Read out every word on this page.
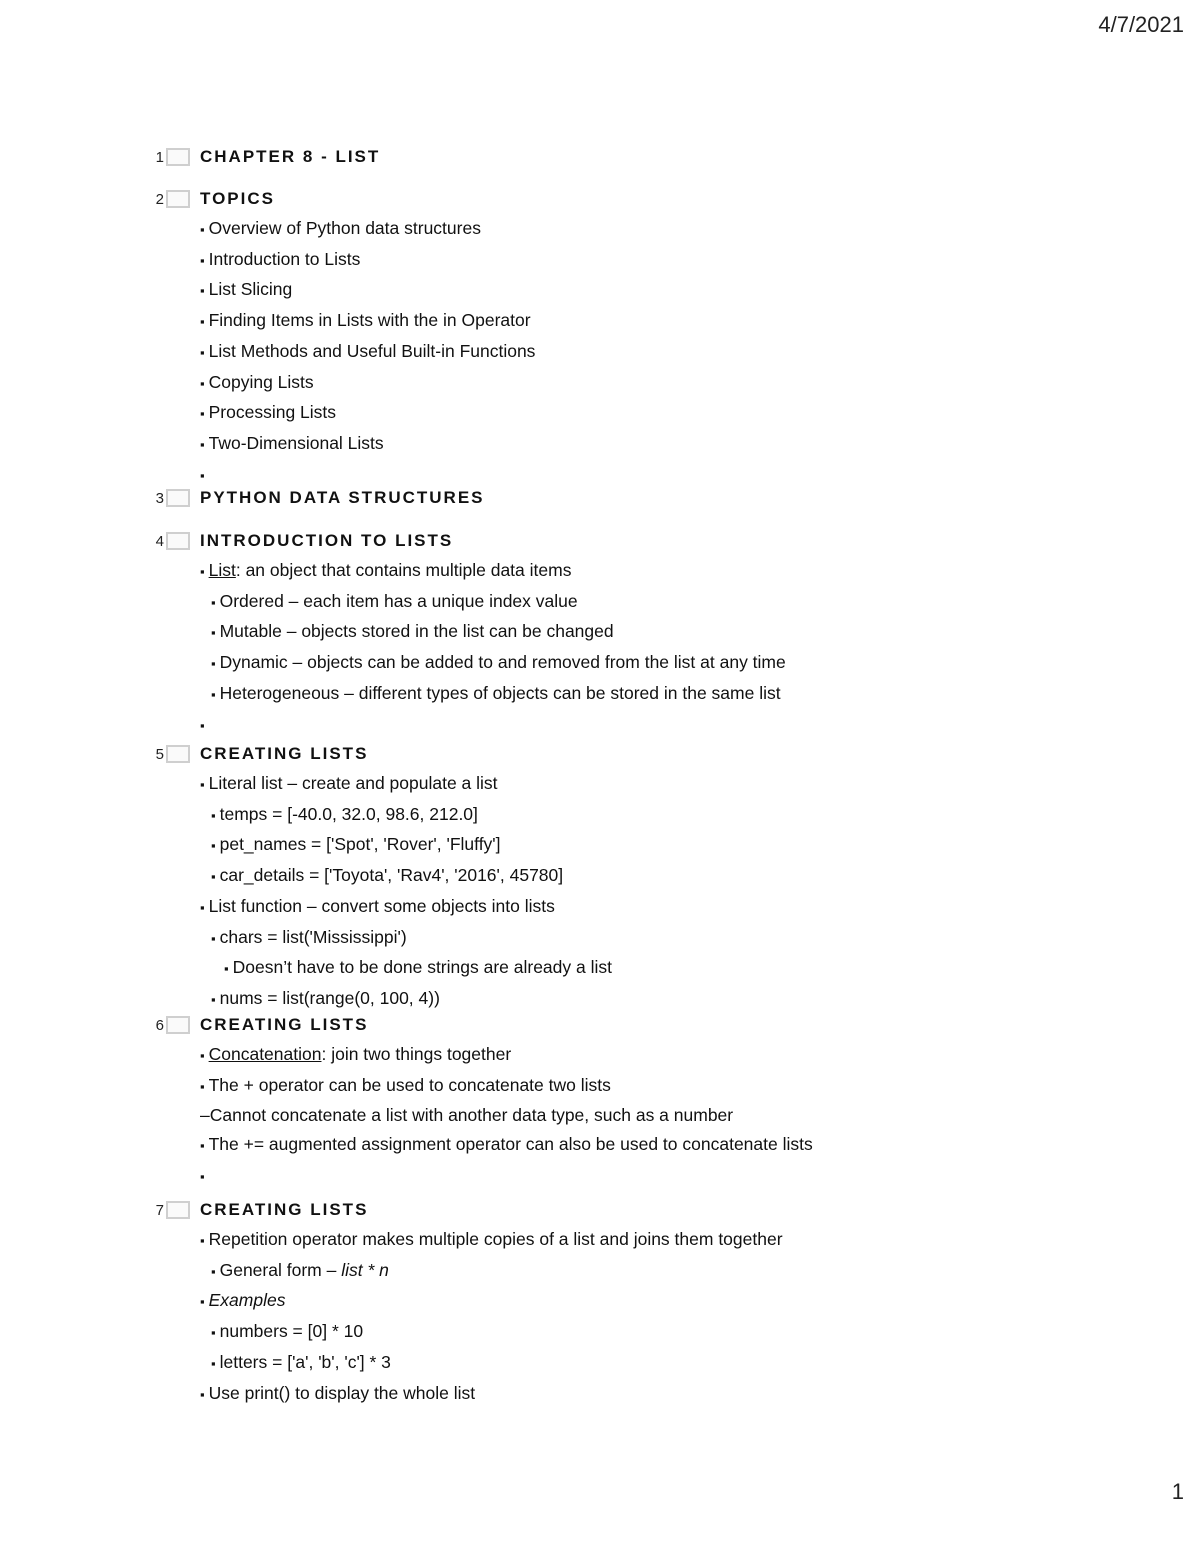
4/7/2021
1 CHAPTER 8 - LIST
2 TOPICS
▪ Overview of Python data structures
▪ Introduction to Lists
▪ List Slicing
▪ Finding Items in Lists with the in Operator
▪ List Methods and Useful Built-in Functions
▪ Copying Lists
▪ Processing Lists
▪ Two-Dimensional Lists
▪
3 PYTHON DATA STRUCTURES
4 INTRODUCTION TO LISTS
▪ List: an object that contains multiple data items
▪ Ordered – each item has a unique index value
▪ Mutable – objects stored in the list can be changed
▪ Dynamic – objects can be added to and removed from the list at any time
▪ Heterogeneous – different types of objects can be stored in the same list
▪
5 CREATING LISTS
▪ Literal list – create and populate a list
▪ temps = [-40.0, 32.0, 98.6, 212.0]
▪ pet_names = ['Spot', 'Rover', 'Fluffy']
▪ car_details = ['Toyota', 'Rav4', '2016', 45780]
▪ List function – convert some objects into lists
▪ chars = list('Mississippi')
▪ Doesn’t have to be done strings are already a list
▪ nums = list(range(0, 100, 4))
6 CREATING LISTS
▪ Concatenation: join two things together
▪ The + operator can be used to concatenate two lists
–Cannot concatenate a list with another data type, such as a number
▪ The += augmented assignment operator can also be used to concatenate lists
▪
7 CREATING LISTS
▪ Repetition operator makes multiple copies of a list and joins them together
▪ General form – list * n
▪ Examples
▪ numbers = [0] * 10
▪ letters = ['a', 'b', 'c'] * 3
▪ Use print() to display the whole list
1
